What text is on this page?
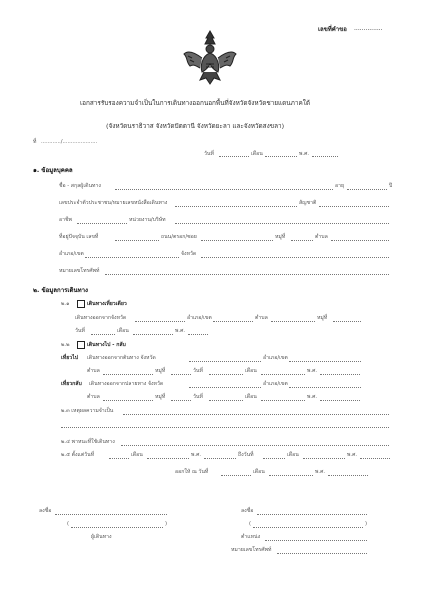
เลขที่คำขอ ...............
เอกสารรับรองความจำเป็นในการเดินทางออกนอกพื้นที่จังหวัดจังหวัดชายแดนภาคใต้
(จังหวัดนราธิวาส จังหวัดปัตตานี จังหวัดยะลา และจังหวัดสงขลา)
ที่ ............/.....................
วันที่	เดือน	พ.ศ.
๑. ข้อมูลบุคคล
ชื่อ - สกุลผู้เดินทาง	อายุ	ปี
เลขประจำตัวประชาชน/หมายเลขหนังสือเดินทาง	สัญชาติ
อาชีพ	หน่วยงาน/บริษัท
ที่อยู่ปัจจุบัน เลขที่	ถนน/ตรอก/ซอย	หมู่ที่	ตำบล
อำเภอ/เขต	จังหวัด
หมายเลขโทรศัพท์
๒. ข้อมูลการเดินทาง
๒.๑	เดินทางเที่ยวเดียว
เดินทางออกจากจังหวัด	อำเภอ/เขต	ตำบล	หมู่ที่
วันที่	เดือน	พ.ศ.
๒.๒	เดินทางไป - กลับ
เที่ยวไป เดินทางออกจากต้นทาง จังหวัด	อำเภอ/เขต
ตำบล	หมู่ที่	วันที่	เดือน	พ.ศ.
เที่ยวกลับ เดินทางออกจากปลายทาง จังหวัด	อำเภอ/เขต
ตำบล	หมู่ที่	วันที่	เดือน	พ.ศ.
๒.๓ เหตุผลความจำเป็น
๒.๔ พาหนะที่ใช้เดินทาง
๒.๕ ตั้งแต่วันที่	เดือน	พ.ศ.	ถึงวันที่	เดือน	พ.ศ.
ออกให้ ณ วันที่	เดือน	พ.ศ.
ลงชื่อ
(	)
ผู้เดินทาง
ลงชื่อ
(	)
ตำแหน่ง
หมายเลขโทรศัพท์
